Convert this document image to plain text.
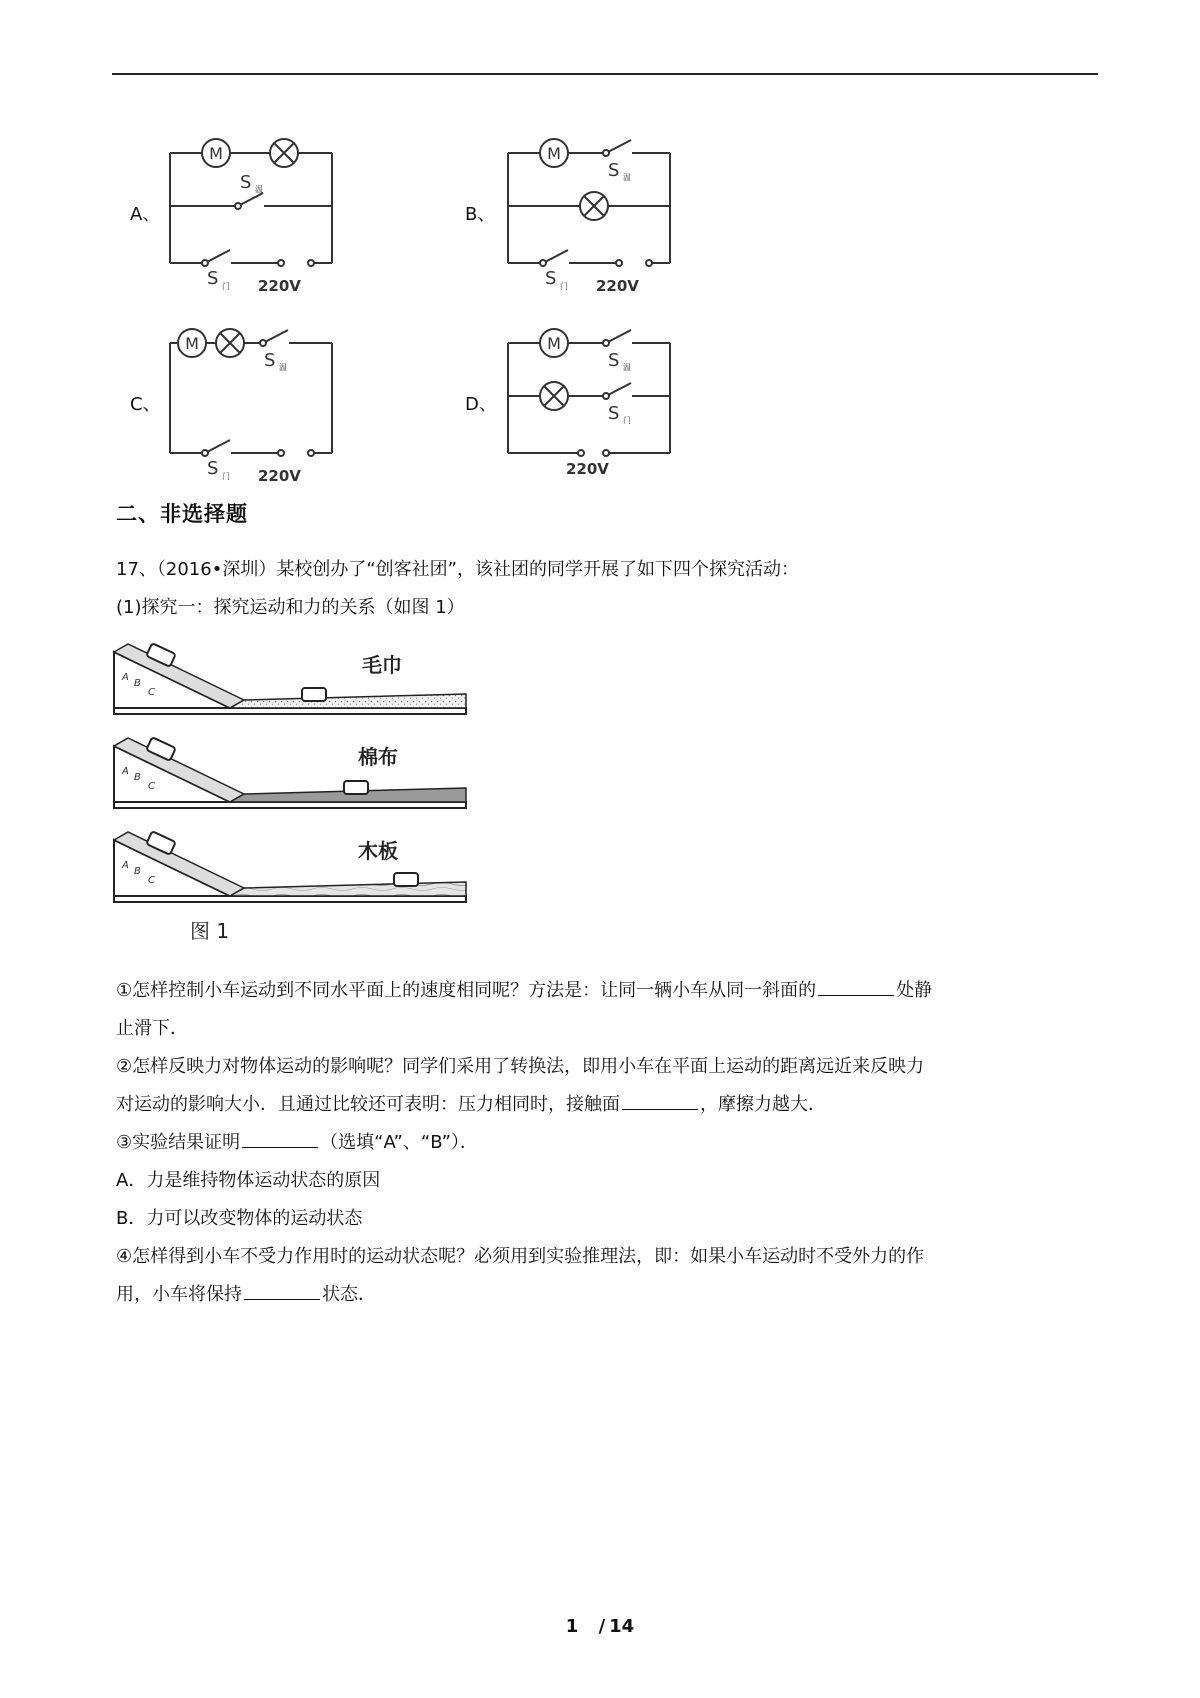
A、	B、
C、	D、
M
S 温
S 门 220V
M
S 温
S 门 220V
M
S 温
S 门 220V
M
S 温
S 门
220V
二、非选择题
17、（2016•深圳）某校创办了“创客社团”，该社团的同学开展了如下四个探究活动：
(1)探究一：探究运动和力的关系（如图 1）
A
B
C
毛巾
A
B
C
棉布
A
B
C
木板
图 1
①怎样控制小车运动到不同水平面上的速度相同呢？方法是：让同一辆小车从同一斜面的	处静
止滑下．
②怎样反映力对物体运动的影响呢？同学们采用了转换法，即用小车在平面上运动的距离远近来反映力
对运动的影响大小．且通过比较还可表明：压力相同时，接触面	，摩擦力越大．
③实验结果证明	（选填“A”、“B”）．
A．力是维持物体运动状态的原因
B．力可以改变物体的运动状态
④怎样得到小车不受力作用时的运动状态呢？必须用到实验推理法，即：如果小车运动时不受外力的作
用，小车将保持	状态．
1 / 14
